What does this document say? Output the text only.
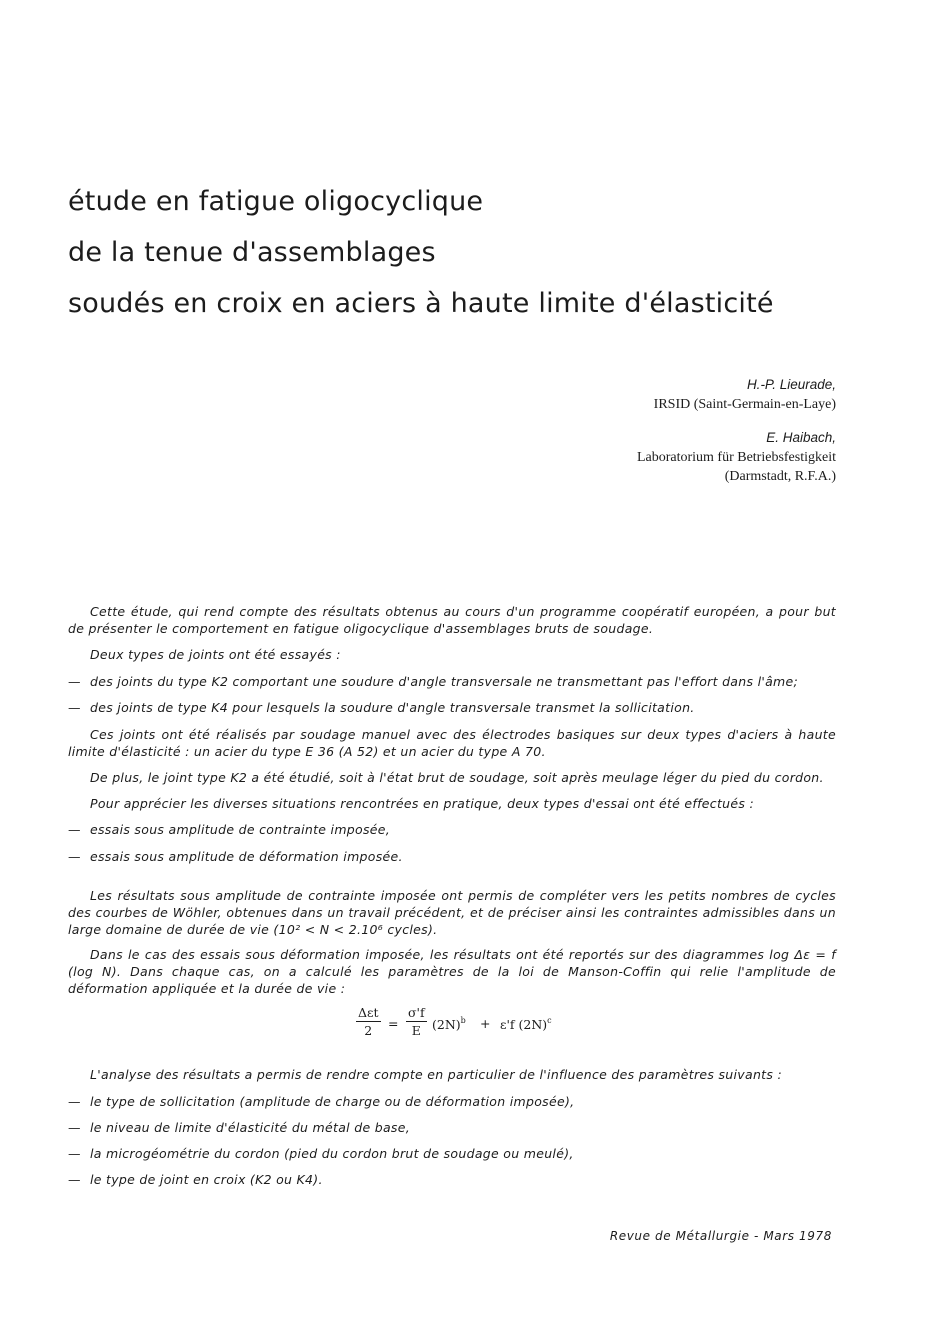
étude en fatigue oligocyclique
de la tenue d'assemblages
soudés en croix en aciers à haute limite d'élasticité
H.-P. Lieurade,
IRSID (Saint-Germain-en-Laye)
E. Haibach,
Laboratorium für Betriebsfestigkeit
(Darmstadt, R.F.A.)

Cette étude, qui rend compte des résultats obtenus au cours d'un programme coopératif européen, a pour but de présenter le comportement en fatigue oligocyclique d'assemblages bruts de soudage.

Deux types de joints ont été essayés :

— des joints du type K2 comportant une soudure d'angle transversale ne transmettant pas l'effort dans l'âme;

— des joints de type K4 pour lesquels la soudure d'angle transversale transmet la sollicitation.

Ces joints ont été réalisés par soudage manuel avec des électrodes basiques sur deux types d'aciers à haute limite d'élasticité : un acier du type E 36 (A 52) et un acier du type A 70.

De plus, le joint type K2 a été étudié, soit à l'état brut de soudage, soit après meulage léger du pied du cordon.

Pour apprécier les diverses situations rencontrées en pratique, deux types d'essai ont été effectués :

— essais sous amplitude de contrainte imposée,

— essais sous amplitude de déformation imposée.

Les résultats sous amplitude de contrainte imposée ont permis de compléter vers les petits nombres de cycles des courbes de Wöhler, obtenues dans un travail précédent, et de préciser ainsi les contraintes admissibles dans un large domaine de durée de vie (10² < N < 2.10⁶ cycles).

Dans le cas des essais sous déformation imposée, les résultats ont été reportés sur des diagrammes log Δε = f (log N). Dans chaque cas, on a calculé les paramètres de la loi de Manson-Coffin qui relie l'amplitude de déformation appliquée et la durée de vie :

L'analyse des résultats a permis de rendre compte en particulier de l'influence des paramètres suivants :

— le type de sollicitation (amplitude de charge ou de déformation imposée),

— le niveau de limite d'élasticité du métal de base,

— la microgéométrie du cordon (pied du cordon brut de soudage ou meulé),

— le type de joint en croix (K2 ou K4).

Δεt
2	= $\frac{\sigma'f}{E} (2N)^b + \varepsilon'f$ $(2N)^c$
Revue de Métallurgie - Mars 1978
